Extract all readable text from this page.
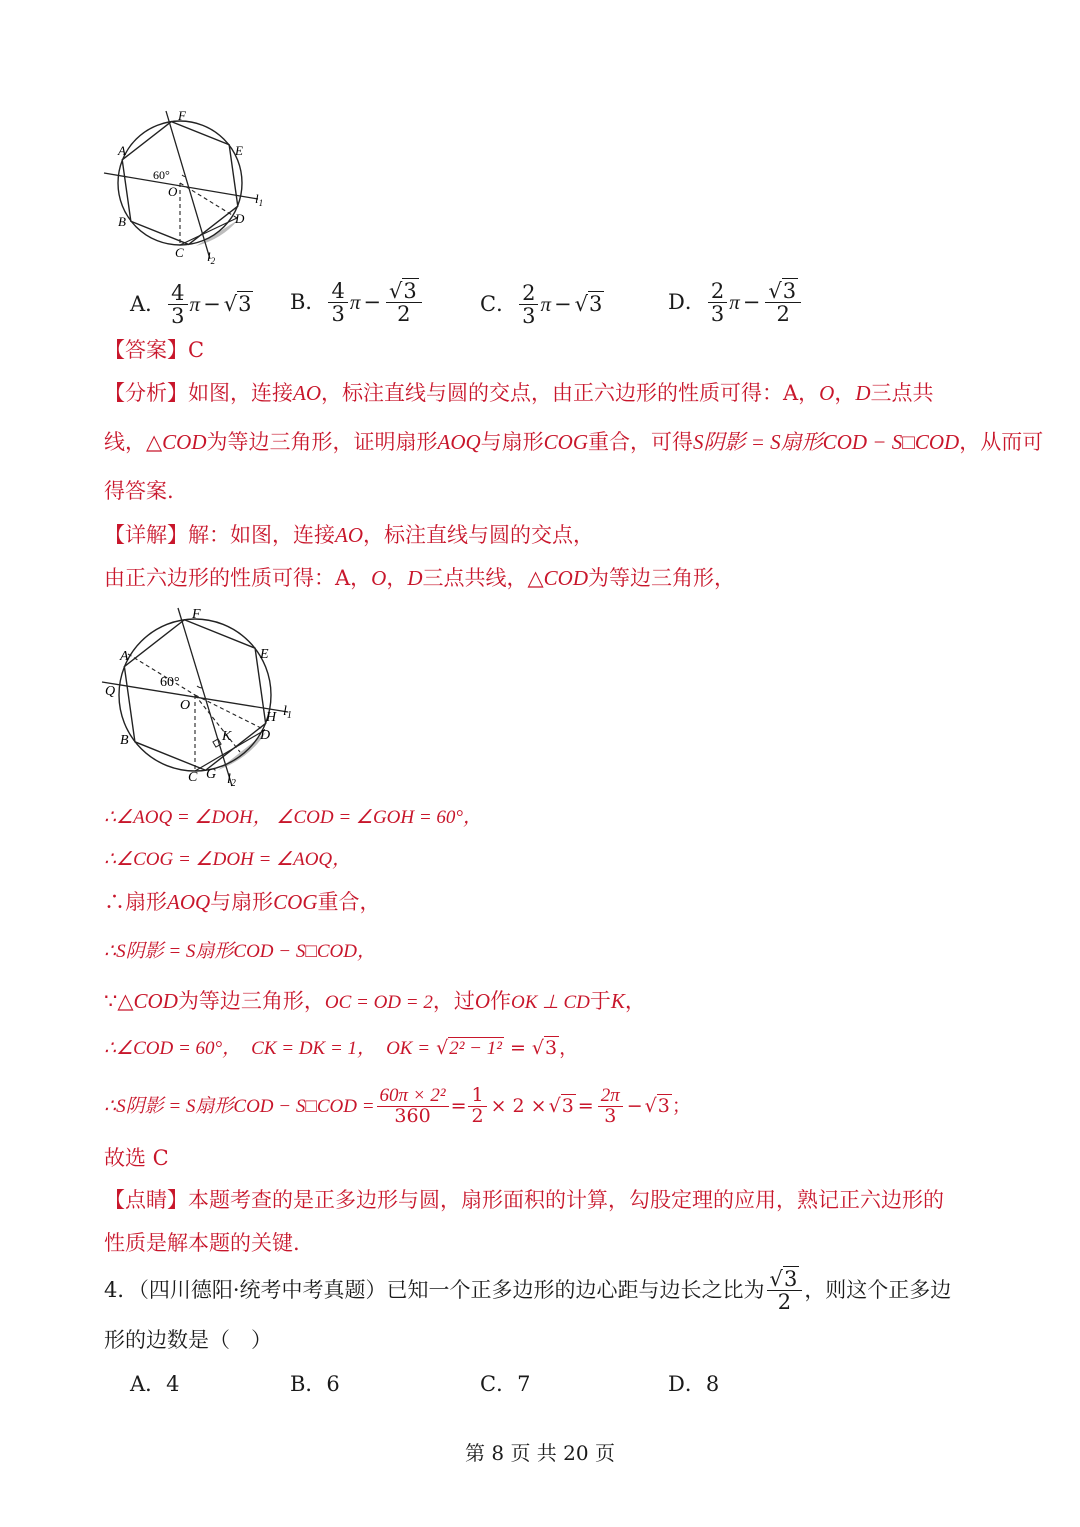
F
A	E
60°
O	$l_1$
B	D
C $l_2$
A． $\frac{4}{3}$ π − √3 B． $\frac{4}{3}$ $\pi - \frac{√3}{2}$	C． $\frac{2}{3}$ π − √3	D． $\frac{2}{3}$ $\pi - \frac{√3}{2}$
【答案】C
【分析】如图，连接AO，标注直线与圆的交点，由正六边形的性质可得：A，O，D三点共
线，△COD为等边三角形，证明扇形AOQ与扇形COG重合，可得S阴影 = S扇形COD − S□COD，从而可
得答案.
【详解】解：如图，连接AO，标注直线与圆的交点，
由正六边形的性质可得：A，O，D三点共线，△COD为等边三角形，
F
A	E
Q
60°
O
H $l_1$
K D
B
C G $l_2$
∴∠AOQ = ∠DOH， ∠COD = ∠GOH = 60°，
∴∠COG = ∠DOH = ∠AOQ，
∴扇形AOQ与扇形COG重合，
∴S阴影 = S扇形COD − S□COD，
∵△COD为等边三角形，OC = OD = 2，过O作OK ⊥ CD于K，
∴∠COD = 60°， CK = DK = 1， OK = √2² − 1² = √3 ，
∴S阴影 = S扇形COD − S□COD = $\frac{\text{60π × 2²}}{360} = \frac{1}{2} \times 2 \times √3 = \frac{2\pi}{3} - √3$ ；
故选 C
【点睛】本题考查的是正多边形与圆，扇形面积的计算，勾股定理的应用，熟记正六边形的
性质是解本题的关键.
4．（四川德阳·统考中考真题）已知一个正多边形的边心距与边长之比为 $\frac{√3}{2}$ ，则这个正多边
形的边数是（　）
A．4	B．6	C．7	D．8
第 8 页 共 20 页
